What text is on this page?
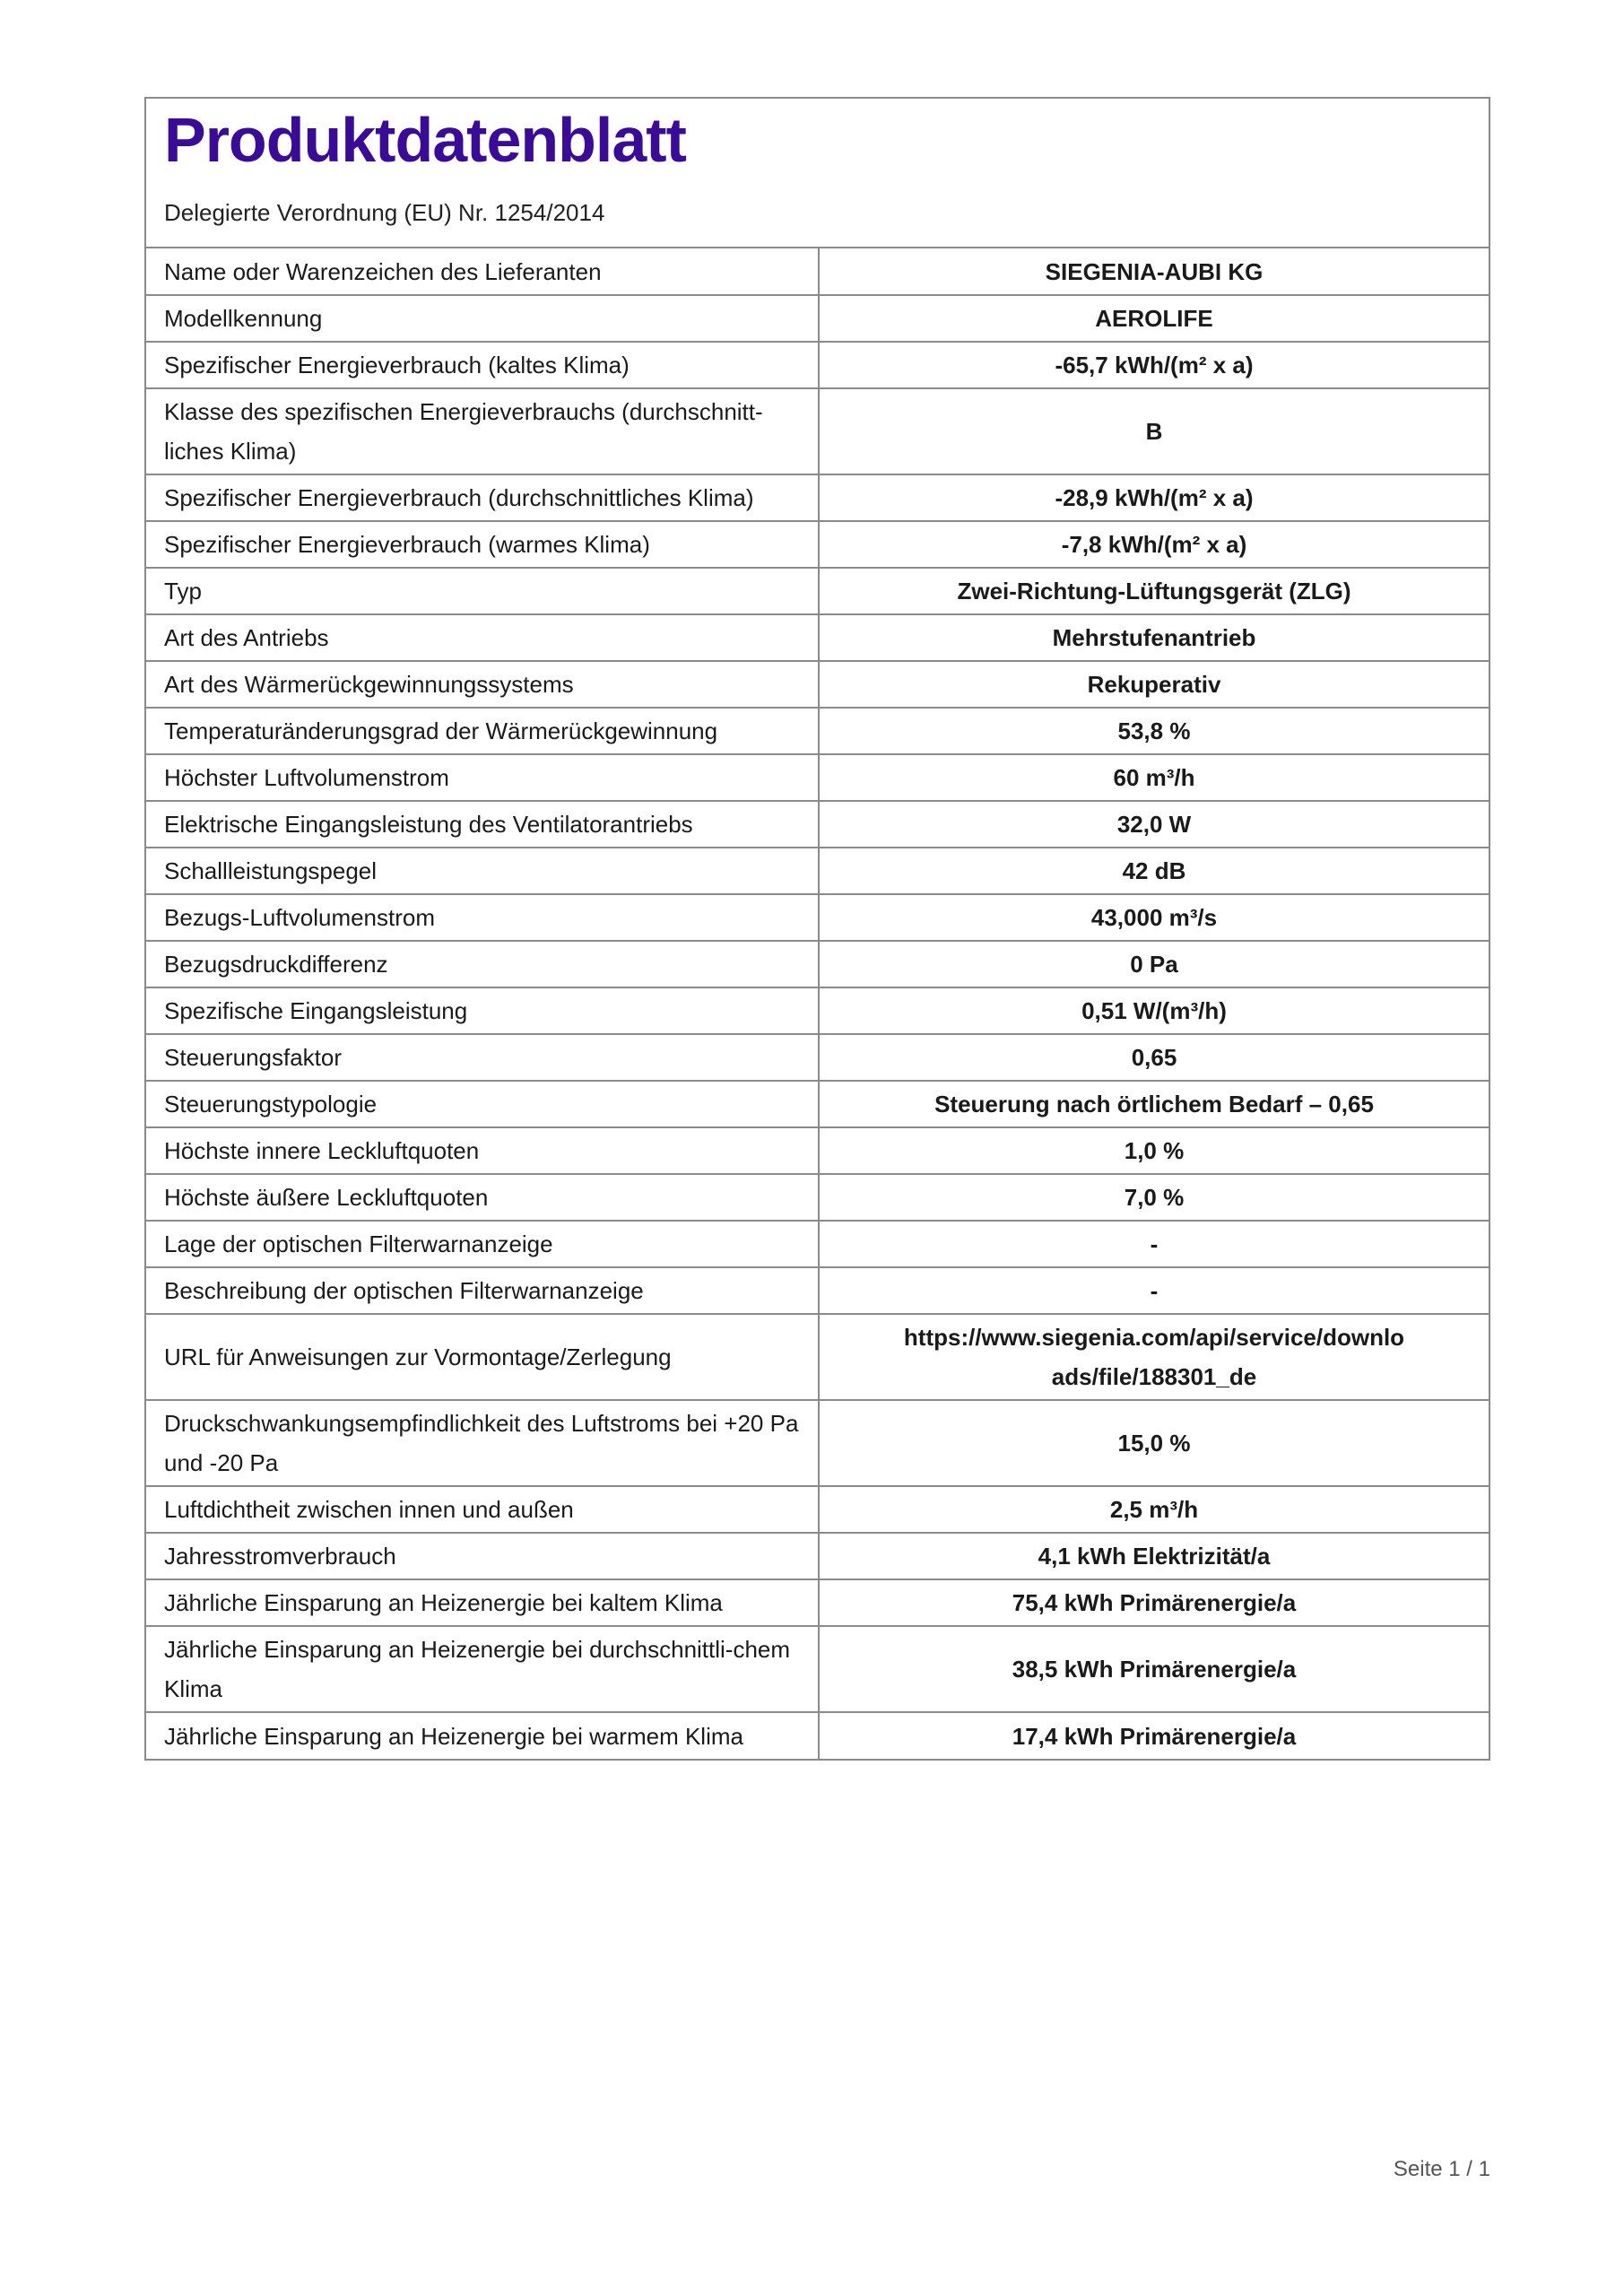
Produktdatenblatt
Delegierte Verordnung (EU) Nr. 1254/2014
Name oder Warenzeichen des Lieferanten	SIEGENIA-AUBI KG
Modellkennung	AEROLIFE
Spezifischer Energieverbrauch (kaltes Klima)	-65,7 kWh/(m² x a)
Klasse des spezifischen Energieverbrauchs (durchschnitt-liches Klima)	B
Spezifischer Energieverbrauch (durchschnittliches Klima)	-28,9 kWh/(m² x a)
Spezifischer Energieverbrauch (warmes Klima)	-7,8 kWh/(m² x a)
Typ	Zwei-Richtung-Lüftungsgerät (ZLG)
Art des Antriebs	Mehrstufenantrieb
Art des Wärmerückgewinnungssystems	Rekuperativ
Temperaturänderungsgrad der Wärmerückgewinnung	53,8 %
Höchster Luftvolumenstrom	60 m³/h
Elektrische Eingangsleistung des Ventilatorantriebs	32,0 W
Schallleistungspegel	42 dB
Bezugs-Luftvolumenstrom	43,000 m³/s
Bezugsdruckdifferenz	0 Pa
Spezifische Eingangsleistung	0,51 W/(m³/h)
Steuerungsfaktor	0,65
Steuerungstypologie	Steuerung nach örtlichem Bedarf – 0,65
Höchste innere Leckluftquoten	1,0 %
Höchste äußere Leckluftquoten	7,0 %
Lage der optischen Filterwarnanzeige	-
Beschreibung der optischen Filterwarnanzeige	-
URL für Anweisungen zur Vormontage/Zerlegung	https://www.siegenia.com/api/service/downloads/file/188301_de
Druckschwankungsempfindlichkeit des Luftstroms bei +20 Pa und -20 Pa	15,0 %
Luftdichtheit zwischen innen und außen	2,5 m³/h
Jahresstromverbrauch	4,1 kWh Elektrizität/a
Jährliche Einsparung an Heizenergie bei kaltem Klima	75,4 kWh Primärenergie/a
Jährliche Einsparung an Heizenergie bei durchschnittli-chem Klima	38,5 kWh Primärenergie/a
Jährliche Einsparung an Heizenergie bei warmem Klima	17,4 kWh Primärenergie/a
Seite 1 / 1
